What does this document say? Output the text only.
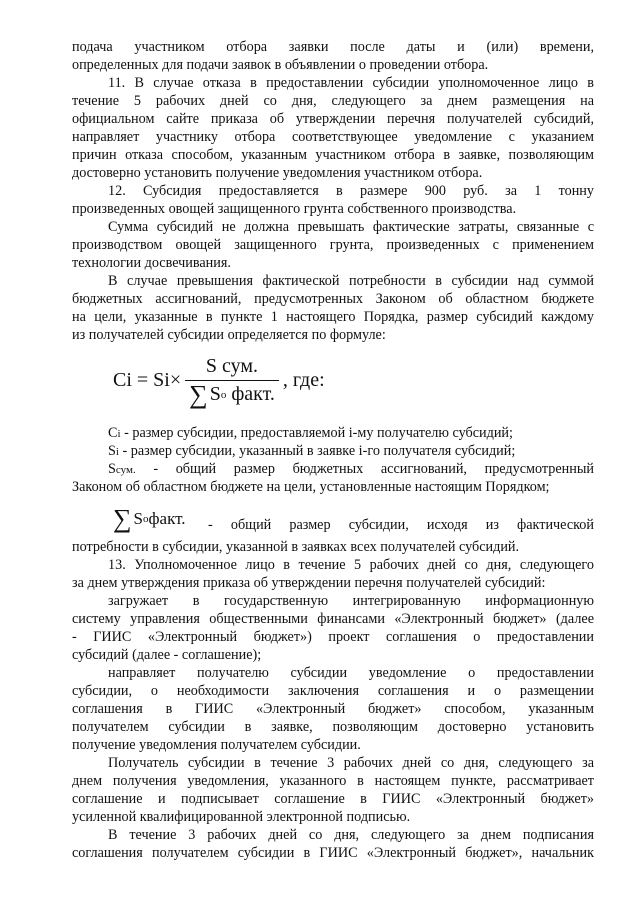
подача участником отбора заявки после даты и (или) времени,
определенных для подачи заявок в объявлении о проведении отбора.
11. В случае отказа в предоставлении субсидии уполномоченное лицо в
течение 5 рабочих дней со дня, следующего за днем размещения на
официальном сайте приказа об утверждении перечня получателей субсидий,
направляет участнику отбора соответствующее уведомление с указанием
причин отказа способом, указанным участником отбора в заявке, позволяющим
достоверно установить получение уведомления участником отбора.
12. Субсидия предоставляется в размере 900 руб. за 1 тонну
произведенных овощей защищенного грунта собственного производства.
Сумма субсидий не должна превышать фактические затраты, связанные с
производством овощей защищенного грунта, произведенных с применением
технологии досвечивания.
В случае превышения фактической потребности в субсидии над суммой
бюджетных ассигнований, предусмотренных Законом об областном бюджете
на цели, указанные в пункте 1 настоящего Порядка, размер субсидий каждому
из получателей субсидии определяется по формуле:
Ci = Si × S сум.
∑ S o
факт. , где:
Ci - размер субсидии, предоставляемой i-му получателю субсидий;
Si - размер субсидии, указанный в заявке i-го получателя субсидий;
Sсум. - общий размер бюджетных ассигнований, предусмотренный
Законом об областном бюджете на цели, установленные настоящим Порядком;
∑ S o факт. - общий размер субсидии, исходя из фактической
потребности в субсидии, указанной в заявках всех получателей субсидий.
13. Уполномоченное лицо в течение 5 рабочих дней со дня, следующего
за днем утверждения приказа об утверждении перечня получателей субсидий:
загружает в государственную интегрированную информационную
систему управления общественными финансами «Электронный бюджет» (далее
- ГИИС «Электронный бюджет») проект соглашения о предоставлении
субсидий (далее - соглашение);
направляет получателю субсидии уведомление о предоставлении
субсидии, о необходимости заключения соглашения и о размещении
соглашения в ГИИС «Электронный бюджет» способом, указанным
получателем субсидии в заявке, позволяющим достоверно установить
получение уведомления получателем субсидии.
Получатель субсидии в течение 3 рабочих дней со дня, следующего за
днем получения уведомления, указанного в настоящем пункте, рассматривает
соглашение и подписывает соглашение в ГИИС «Электронный бюджет»
усиленной квалифицированной электронной подписью.
В течение 3 рабочих дней со дня, следующего за днем подписания
соглашения получателем субсидии в ГИИС «Электронный бюджет», начальник
